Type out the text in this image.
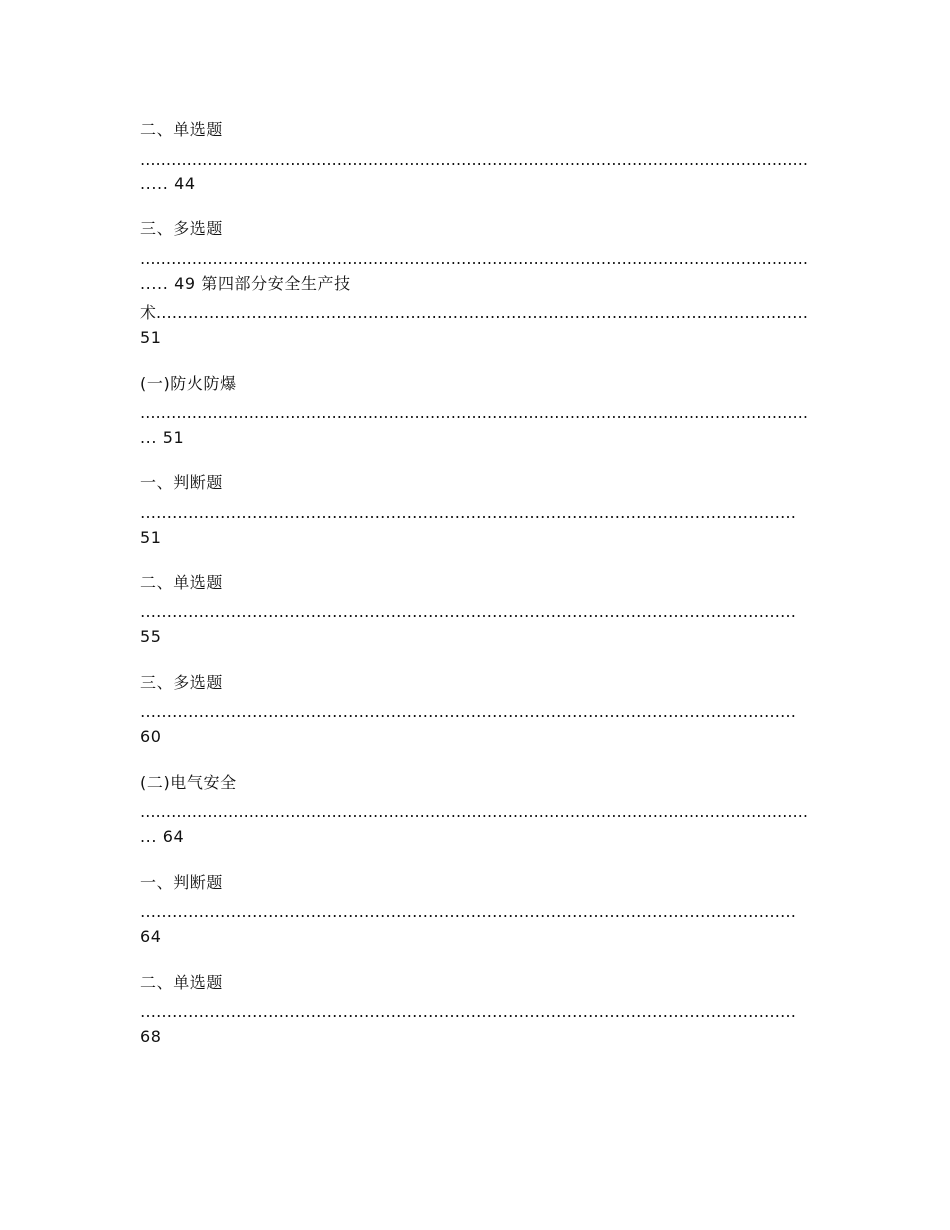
二、单选题
…………………………………………………………………………………………………………………
..... 44
三、多选题
…………………………………………………………………………………………………………………
..... 49 第四部分安全生产技
术……………………………………………………………………………………………………………
51
(一)防火防爆
…………………………………………………………………………………………………………………
... 51
一、判断题
……………………………………………………………………………………………………………
51
二、单选题
……………………………………………………………………………………………………………
55
三、多选题
……………………………………………………………………………………………………………
60
(二)电气安全
…………………………………………………………………………………………………………………
... 64
一、判断题
……………………………………………………………………………………………………………
64
二、单选题
……………………………………………………………………………………………………………
68
